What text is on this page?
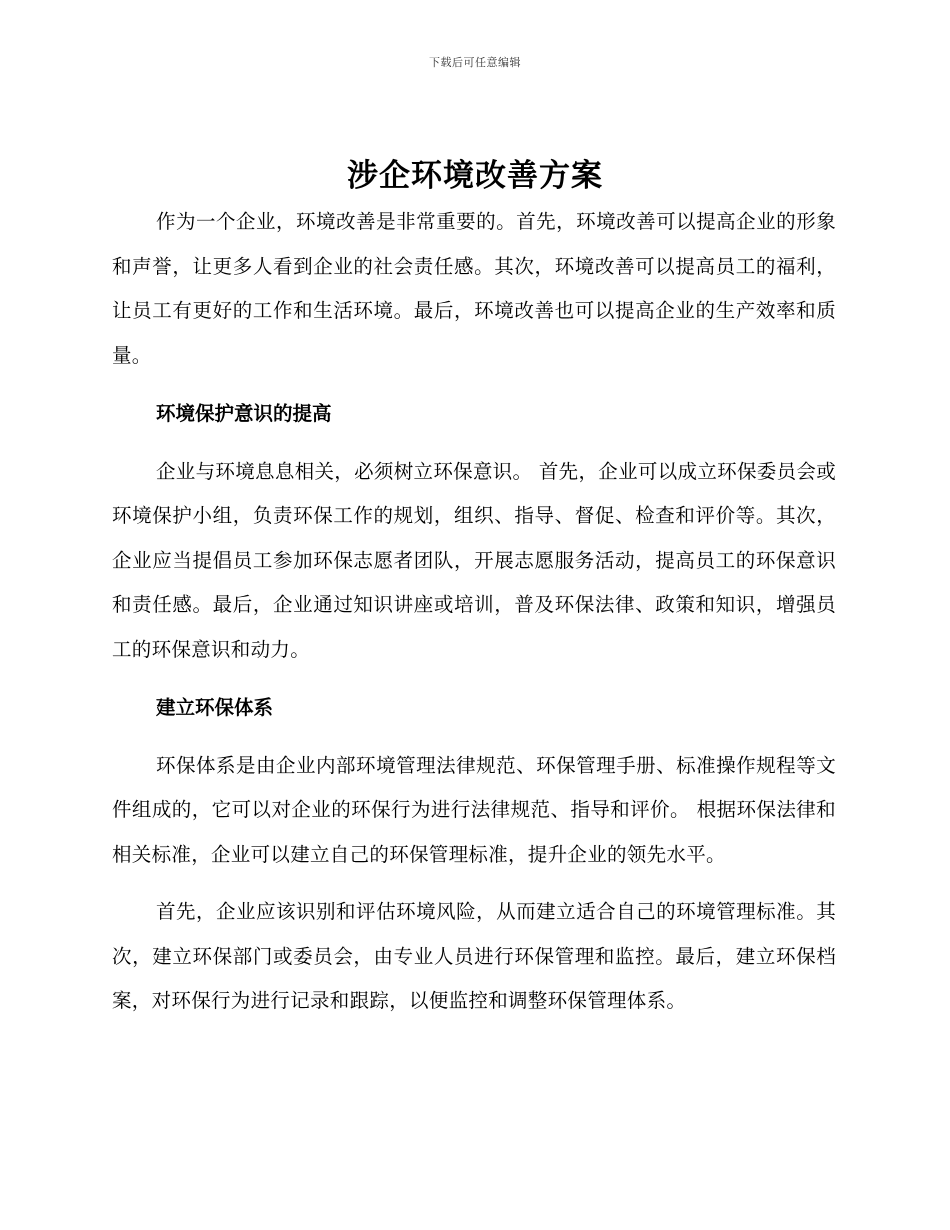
下载后可任意编辑
涉企环境改善方案

作为一个企业，环境改善是非常重要的。首先，环境改善可以提高企业的形象和声誉，让更多人看到企业的社会责任感。其次，环境改善可以提高员工的福利，让员工有更好的工作和生活环境。最后，环境改善也可以提高企业的生产效率和质量。

环境保护意识的提高

企业与环境息息相关，必须树立环保意识。 首先，企业可以成立环保委员会或环境保护小组，负责环保工作的规划，组织、指导、督促、检查和评价等。其次，企业应当提倡员工参加环保志愿者团队，开展志愿服务活动，提高员工的环保意识和责任感。最后，企业通过知识讲座或培训，普及环保法律、政策和知识，增强员工的环保意识和动力。

建立环保体系

环保体系是由企业内部环境管理法律规范、环保管理手册、标准操作规程等文件组成的，它可以对企业的环保行为进行法律规范、指导和评价。 根据环保法律和相关标准，企业可以建立自己的环保管理标准，提升企业的领先水平。

首先，企业应该识别和评估环境风险，从而建立适合自己的环境管理标准。其次，建立环保部门或委员会，由专业人员进行环保管理和监控。最后，建立环保档案，对环保行为进行记录和跟踪，以便监控和调整环保管理体系。
